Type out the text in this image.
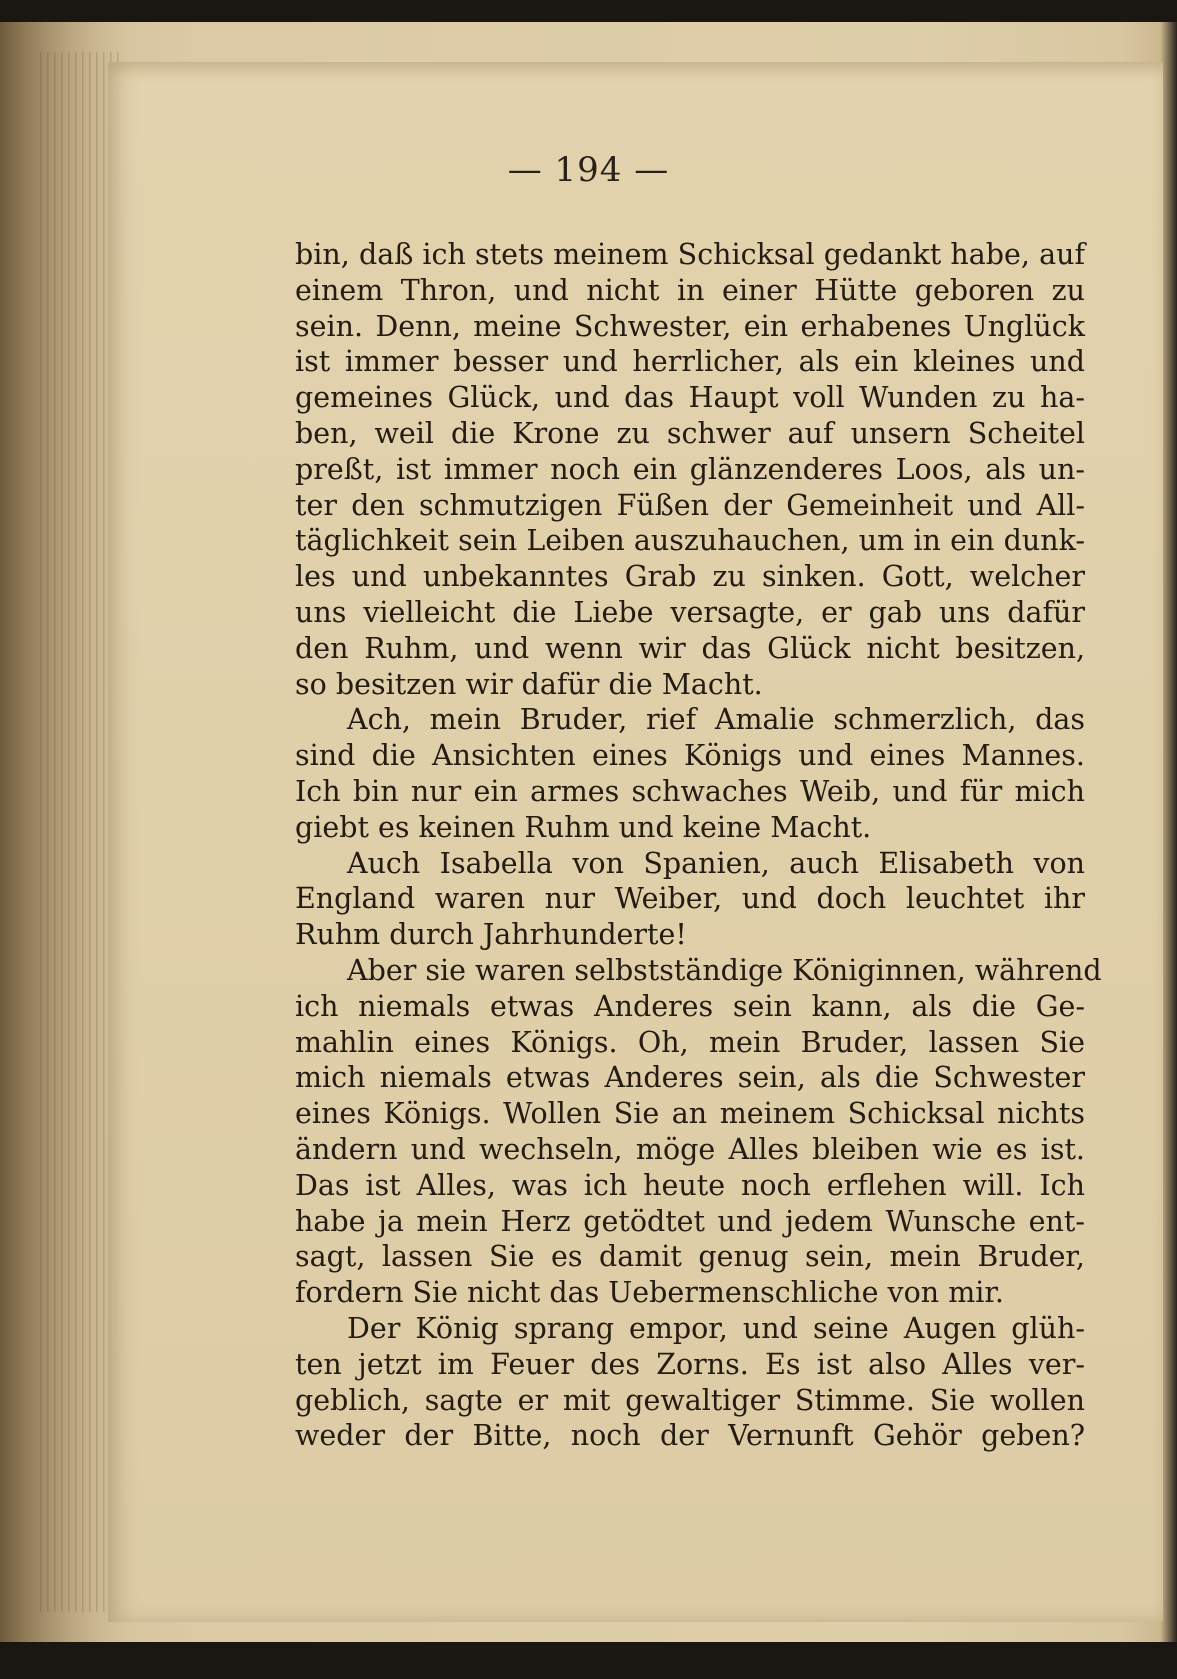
— 194 —
bin, daß ich stets meinem Schicksal gedankt habe, auf
einem Thron, und nicht in einer Hütte geboren zu
sein. Denn, meine Schwester, ein erhabenes Unglück
ist immer besser und herrlicher, als ein kleines und
gemeines Glück, und das Haupt voll Wunden zu ha-
ben, weil die Krone zu schwer auf unsern Scheitel
preßt, ist immer noch ein glänzenderes Loos, als un-
ter den schmutzigen Füßen der Gemeinheit und All-
täglichkeit sein Leiben auszuhauchen, um in ein dunk-
les und unbekanntes Grab zu sinken. Gott, welcher
uns vielleicht die Liebe versagte, er gab uns dafür
den Ruhm, und wenn wir das Glück nicht besitzen,
so besitzen wir dafür die Macht.
Ach, mein Bruder, rief Amalie schmerzlich, das
sind die Ansichten eines Königs und eines Mannes.
Ich bin nur ein armes schwaches Weib, und für mich
giebt es keinen Ruhm und keine Macht.
Auch Isabella von Spanien, auch Elisabeth von
England waren nur Weiber, und doch leuchtet ihr
Ruhm durch Jahrhunderte!
Aber sie waren selbstständige Königinnen, während
ich niemals etwas Anderes sein kann, als die Ge-
mahlin eines Königs. Oh, mein Bruder, lassen Sie
mich niemals etwas Anderes sein, als die Schwester
eines Königs. Wollen Sie an meinem Schicksal nichts
ändern und wechseln, möge Alles bleiben wie es ist.
Das ist Alles, was ich heute noch erflehen will. Ich
habe ja mein Herz getödtet und jedem Wunsche ent-
sagt, lassen Sie es damit genug sein, mein Bruder,
fordern Sie nicht das Uebermenschliche von mir.
Der König sprang empor, und seine Augen glüh-
ten jetzt im Feuer des Zorns. Es ist also Alles ver-
geblich, sagte er mit gewaltiger Stimme. Sie wollen
weder der Bitte, noch der Vernunft Gehör geben?
